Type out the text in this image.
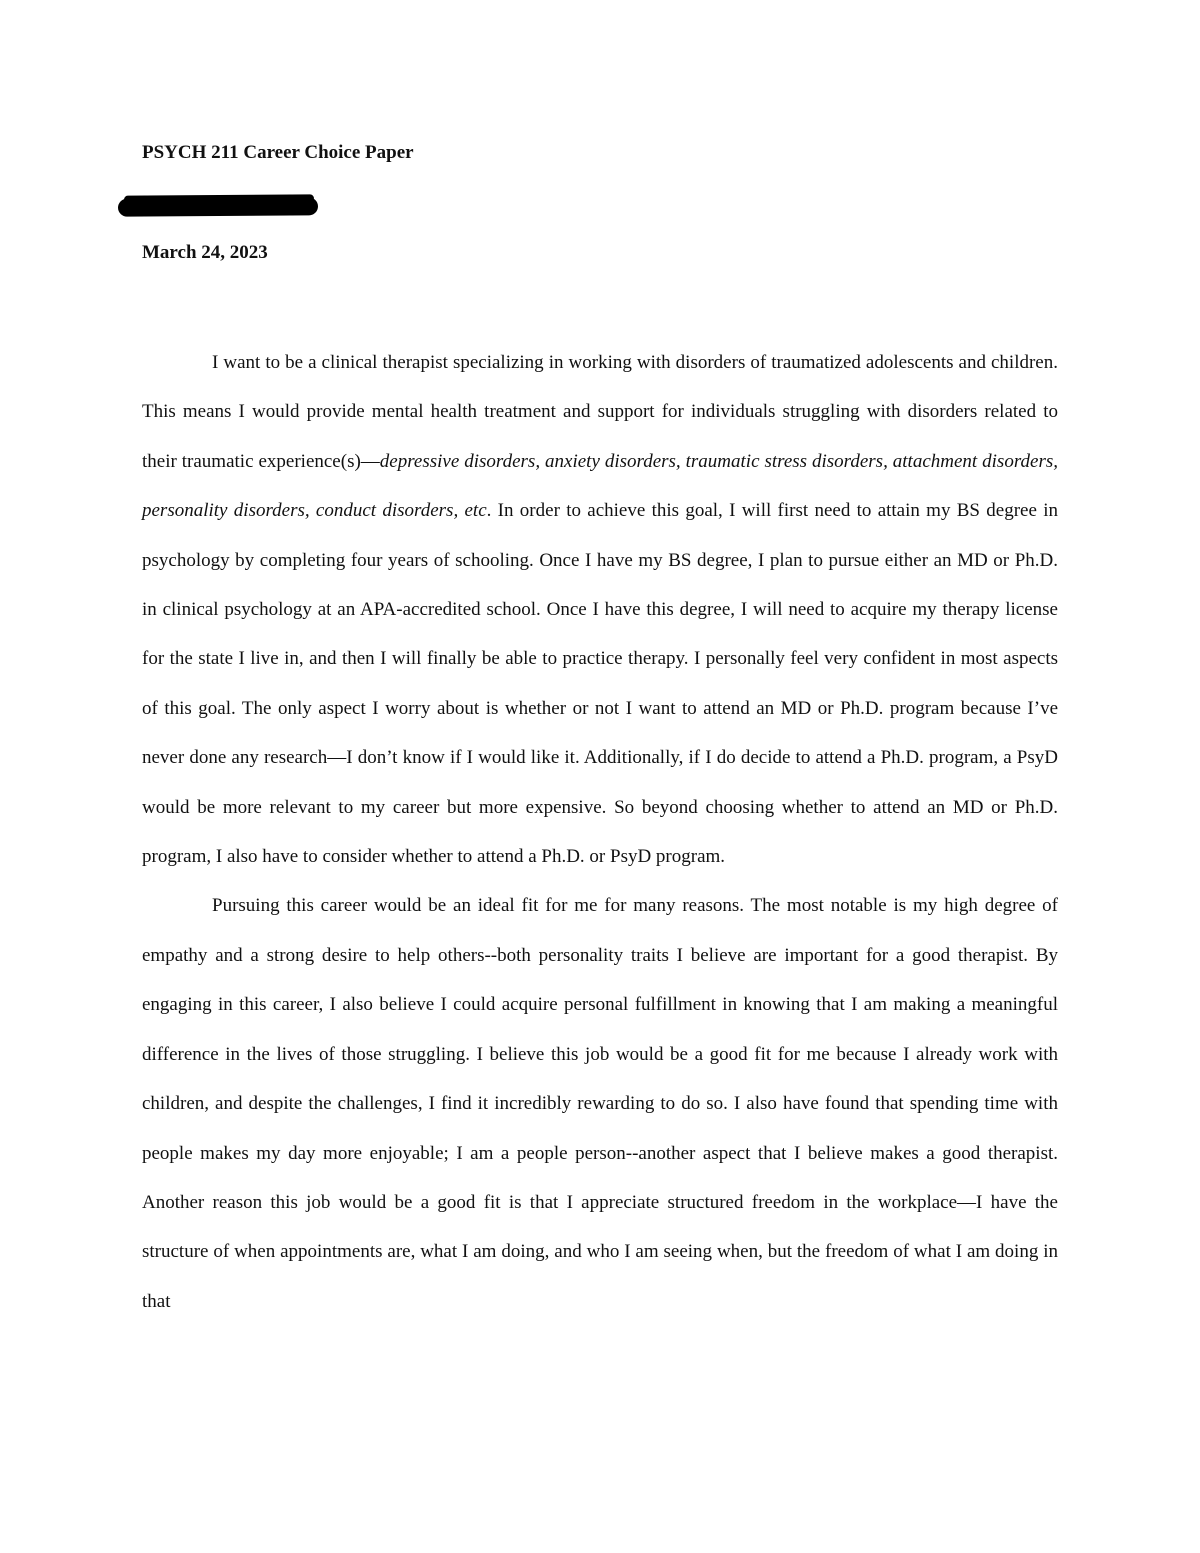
PSYCH 211 Career Choice Paper

March 24, 2023

I want to be a clinical therapist specializing in working with disorders of traumatized adolescents and children. This means I would provide mental health treatment and support for individuals struggling with disorders related to their traumatic experience(s)—depressive disorders, anxiety disorders, traumatic stress disorders, attachment disorders, personality disorders, conduct disorders, etc. In order to achieve this goal, I will first need to attain my BS degree in psychology by completing four years of schooling. Once I have my BS degree, I plan to pursue either an MD or Ph.D. in clinical psychology at an APA-accredited school. Once I have this degree, I will need to acquire my therapy license for the state I live in, and then I will finally be able to practice therapy. I personally feel very confident in most aspects of this goal. The only aspect I worry about is whether or not I want to attend an MD or Ph.D. program because I’ve never done any research—I don’t know if I would like it. Additionally, if I do decide to attend a Ph.D. program, a PsyD would be more relevant to my career but more expensive. So beyond choosing whether to attend an MD or Ph.D. program, I also have to consider whether to attend a Ph.D. or PsyD program.

Pursuing this career would be an ideal fit for me for many reasons. The most notable is my high degree of empathy and a strong desire to help others--both personality traits I believe are important for a good therapist. By engaging in this career, I also believe I could acquire personal fulfillment in knowing that I am making a meaningful difference in the lives of those struggling. I believe this job would be a good fit for me because I already work with children, and despite the challenges, I find it incredibly rewarding to do so. I also have found that spending time with people makes my day more enjoyable; I am a people person--another aspect that I believe makes a good therapist. Another reason this job would be a good fit is that I appreciate structured freedom in the workplace—I have the structure of when appointments are, what I am doing, and who I am seeing when, but the freedom of what I am doing in that
